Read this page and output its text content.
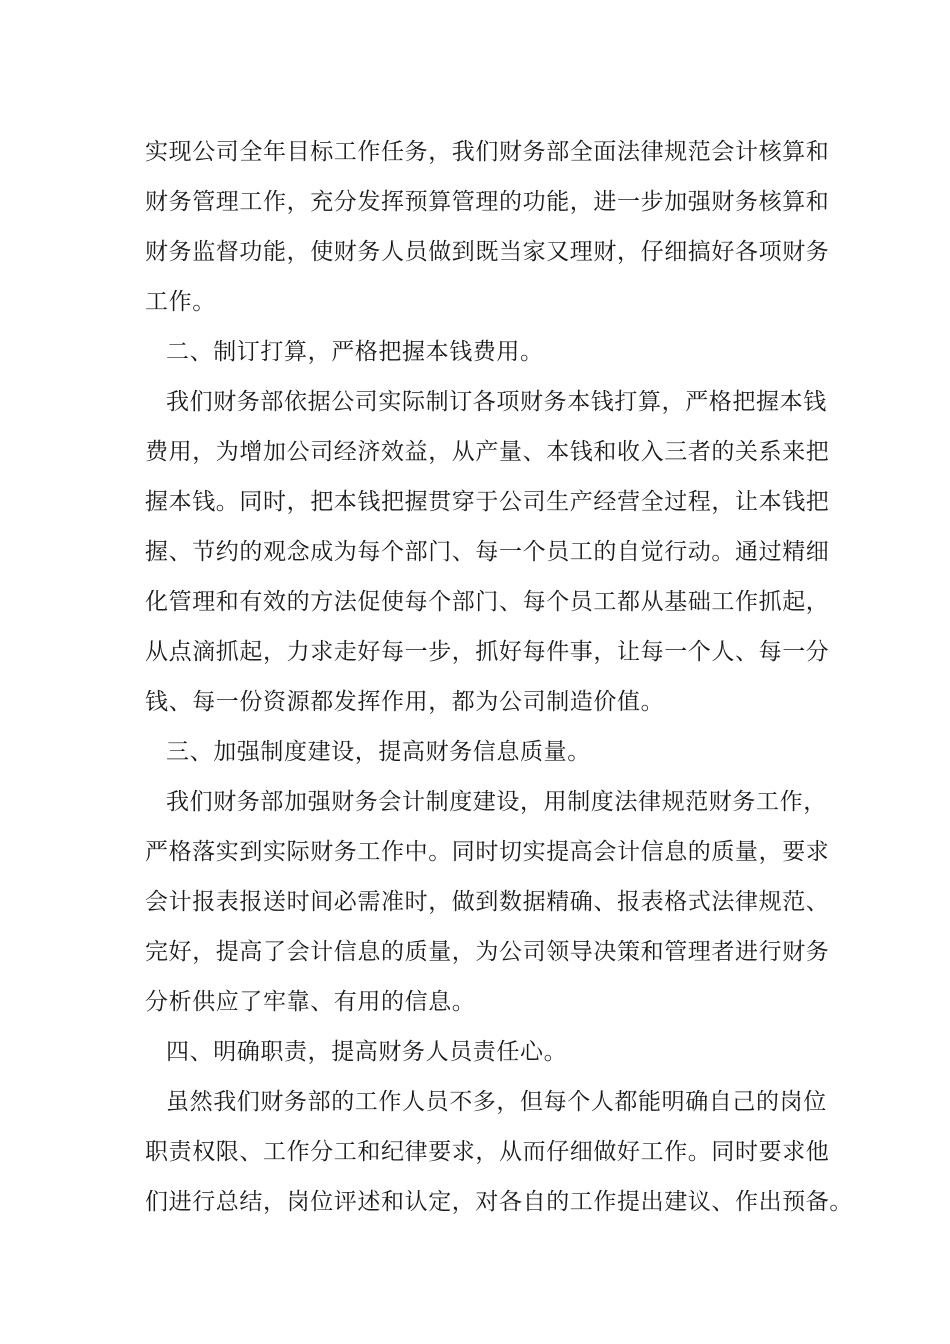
实现公司全年目标工作任务，我们财务部全面法律规范会计核算和

财务管理工作，充分发挥预算管理的功能，进一步加强财务核算和

财务监督功能，使财务人员做到既当家又理财，仔细搞好各项财务

工作。

二、制订打算，严格把握本钱费用。

我们财务部依据公司实际制订各项财务本钱打算，严格把握本钱

费用，为增加公司经济效益，从产量、本钱和收入三者的关系来把

握本钱。同时，把本钱把握贯穿于公司生产经营全过程，让本钱把

握、节约的观念成为每个部门、每一个员工的自觉行动。通过精细

化管理和有效的方法促使每个部门、每个员工都从基础工作抓起，

从点滴抓起，力求走好每一步，抓好每件事，让每一个人、每一分

钱、每一份资源都发挥作用，都为公司制造价值。

三、加强制度建设，提高财务信息质量。

我们财务部加强财务会计制度建设，用制度法律规范财务工作，

严格落实到实际财务工作中。同时切实提高会计信息的质量，要求

会计报表报送时间必需准时，做到数据精确、报表格式法律规范、

完好，提高了会计信息的质量，为公司领导决策和管理者进行财务

分析供应了牢靠、有用的信息。

四、明确职责，提高财务人员责任心。

虽然我们财务部的工作人员不多，但每个人都能明确自己的岗位

职责权限、工作分工和纪律要求，从而仔细做好工作。同时要求他

们进行总结，岗位评述和认定，对各自的工作提出建议、作出预备。
